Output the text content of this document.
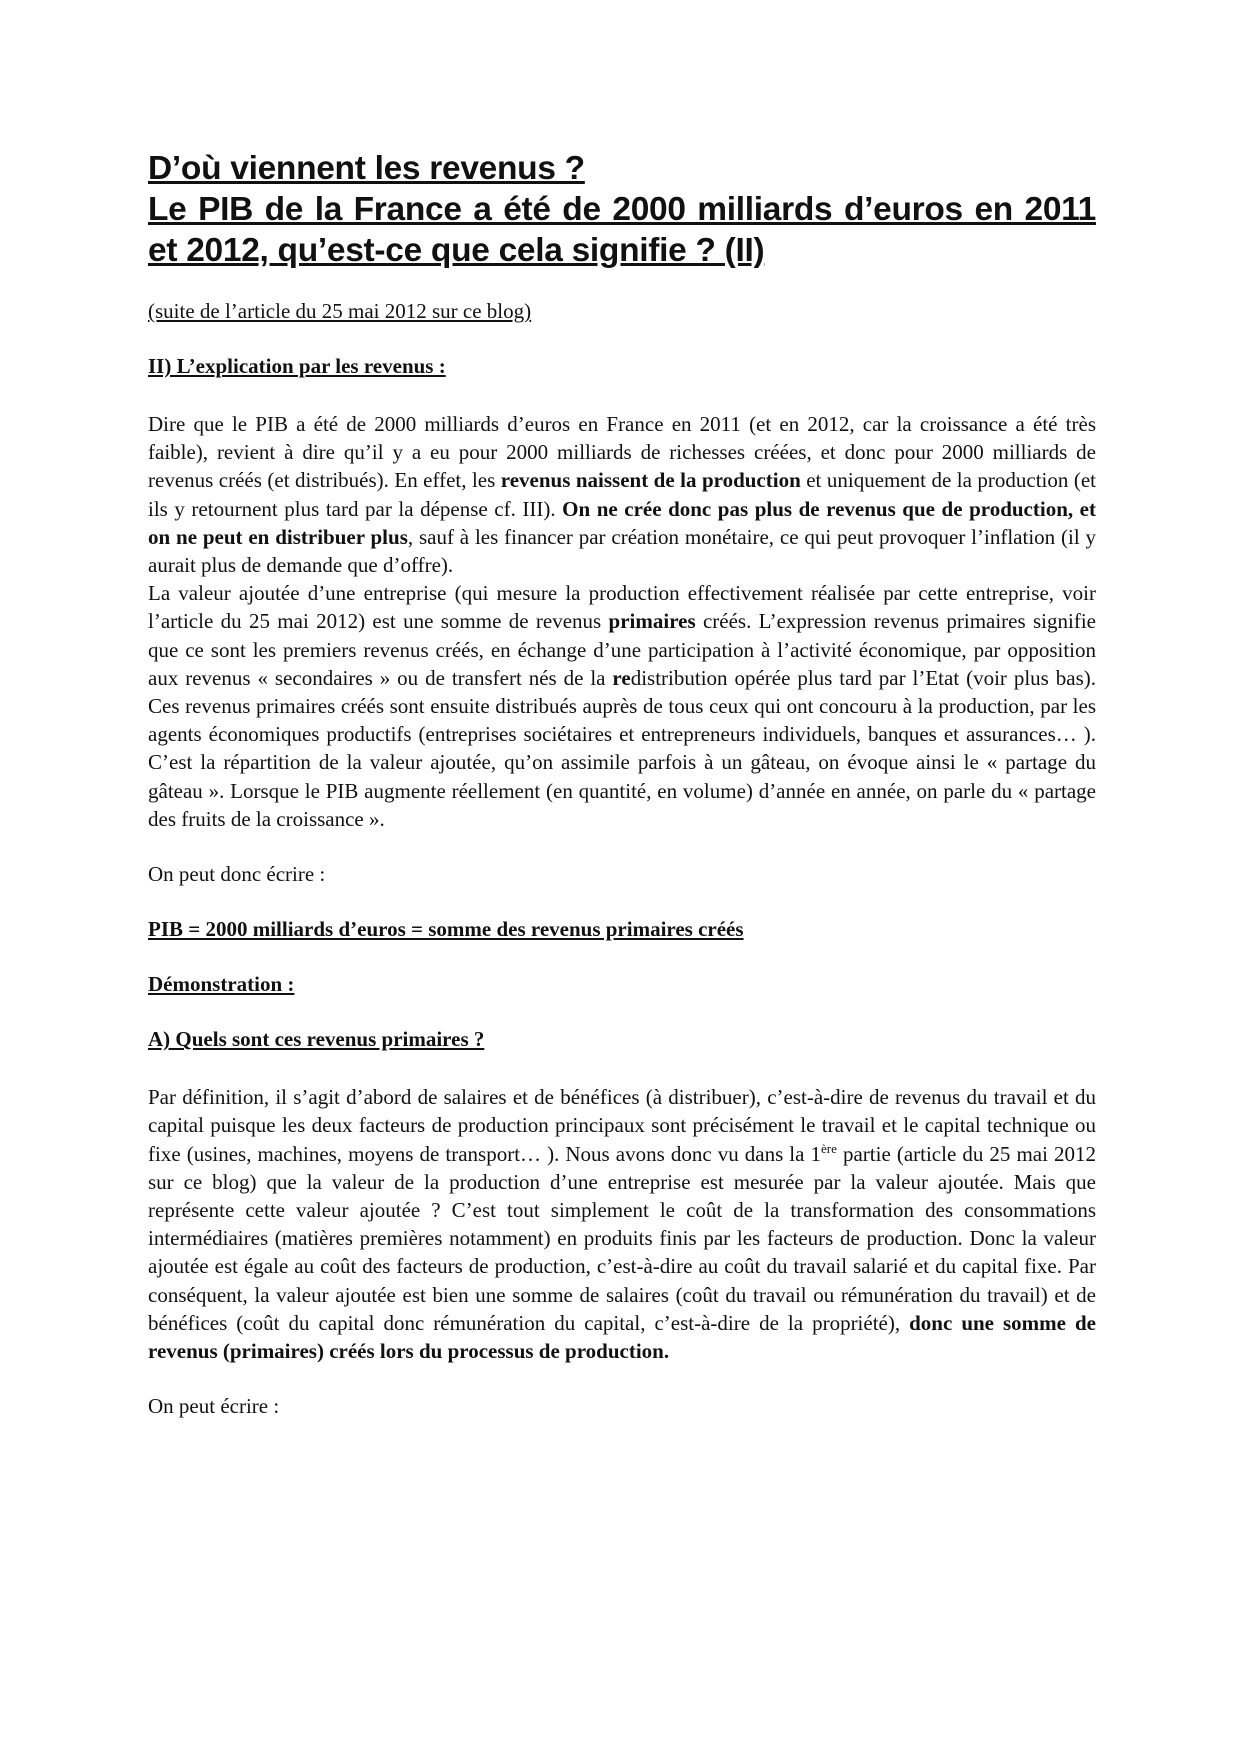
D’où viennent les revenus ?
Le PIB de la France a été de 2000 milliards d’euros en 2011 et 2012, qu’est-ce que cela signifie ? (II)

(suite de l’article du 25 mai 2012 sur ce blog)

II) L’explication par les revenus :

Dire que le PIB a été de 2000 milliards d’euros en France en 2011 (et en 2012, car la croissance a été très faible), revient à dire qu’il y a eu pour 2000 milliards de richesses créées, et donc pour 2000 milliards de revenus créés (et distribués). En effet, les revenus naissent de la production et uniquement de la production (et ils y retournent plus tard par la dépense cf. III). On ne crée donc pas plus de revenus que de production, et on ne peut en distribuer plus, sauf à les financer par création monétaire, ce qui peut provoquer l’inflation (il y aurait plus de demande que d’offre).

La valeur ajoutée d’une entreprise (qui mesure la production effectivement réalisée par cette entreprise, voir l’article du 25 mai 2012) est une somme de revenus primaires créés. L’expression revenus primaires signifie que ce sont les premiers revenus créés, en échange d’une participation à l’activité économique, par opposition aux revenus « secondaires » ou de transfert nés de la redistribution opérée plus tard par l’Etat (voir plus bas). Ces revenus primaires créés sont ensuite distribués auprès de tous ceux qui ont concouru à la production, par les agents économiques productifs (entreprises sociétaires et entrepreneurs individuels, banques et assurances… ). C’est la répartition de la valeur ajoutée, qu’on assimile parfois à un gâteau, on évoque ainsi le « partage du gâteau ». Lorsque le PIB augmente réellement (en quantité, en volume) d’année en année, on parle du « partage des fruits de la croissance ».

On peut donc écrire :

PIB = 2000 milliards d’euros = somme des revenus primaires créés

Démonstration :

A) Quels sont ces revenus primaires ?

Par définition, il s’agit d’abord de salaires et de bénéfices (à distribuer), c’est-à-dire de revenus du travail et du capital puisque les deux facteurs de production principaux sont précisément le travail et le capital technique ou fixe (usines, machines, moyens de transport… ). Nous avons donc vu dans la 1ère partie (article du 25 mai 2012 sur ce blog) que la valeur de la production d’une entreprise est mesurée par la valeur ajoutée. Mais que représente cette valeur ajoutée ? C’est tout simplement le coût de la transformation des consommations intermédiaires (matières premières notamment) en produits finis par les facteurs de production. Donc la valeur ajoutée est égale au coût des facteurs de production, c’est-à-dire au coût du travail salarié et du capital fixe. Par conséquent, la valeur ajoutée est bien une somme de salaires (coût du travail ou rémunération du travail) et de bénéfices (coût du capital donc rémunération du capital, c’est-à-dire de la propriété), donc une somme de revenus (primaires) créés lors du processus de production.

On peut écrire :
